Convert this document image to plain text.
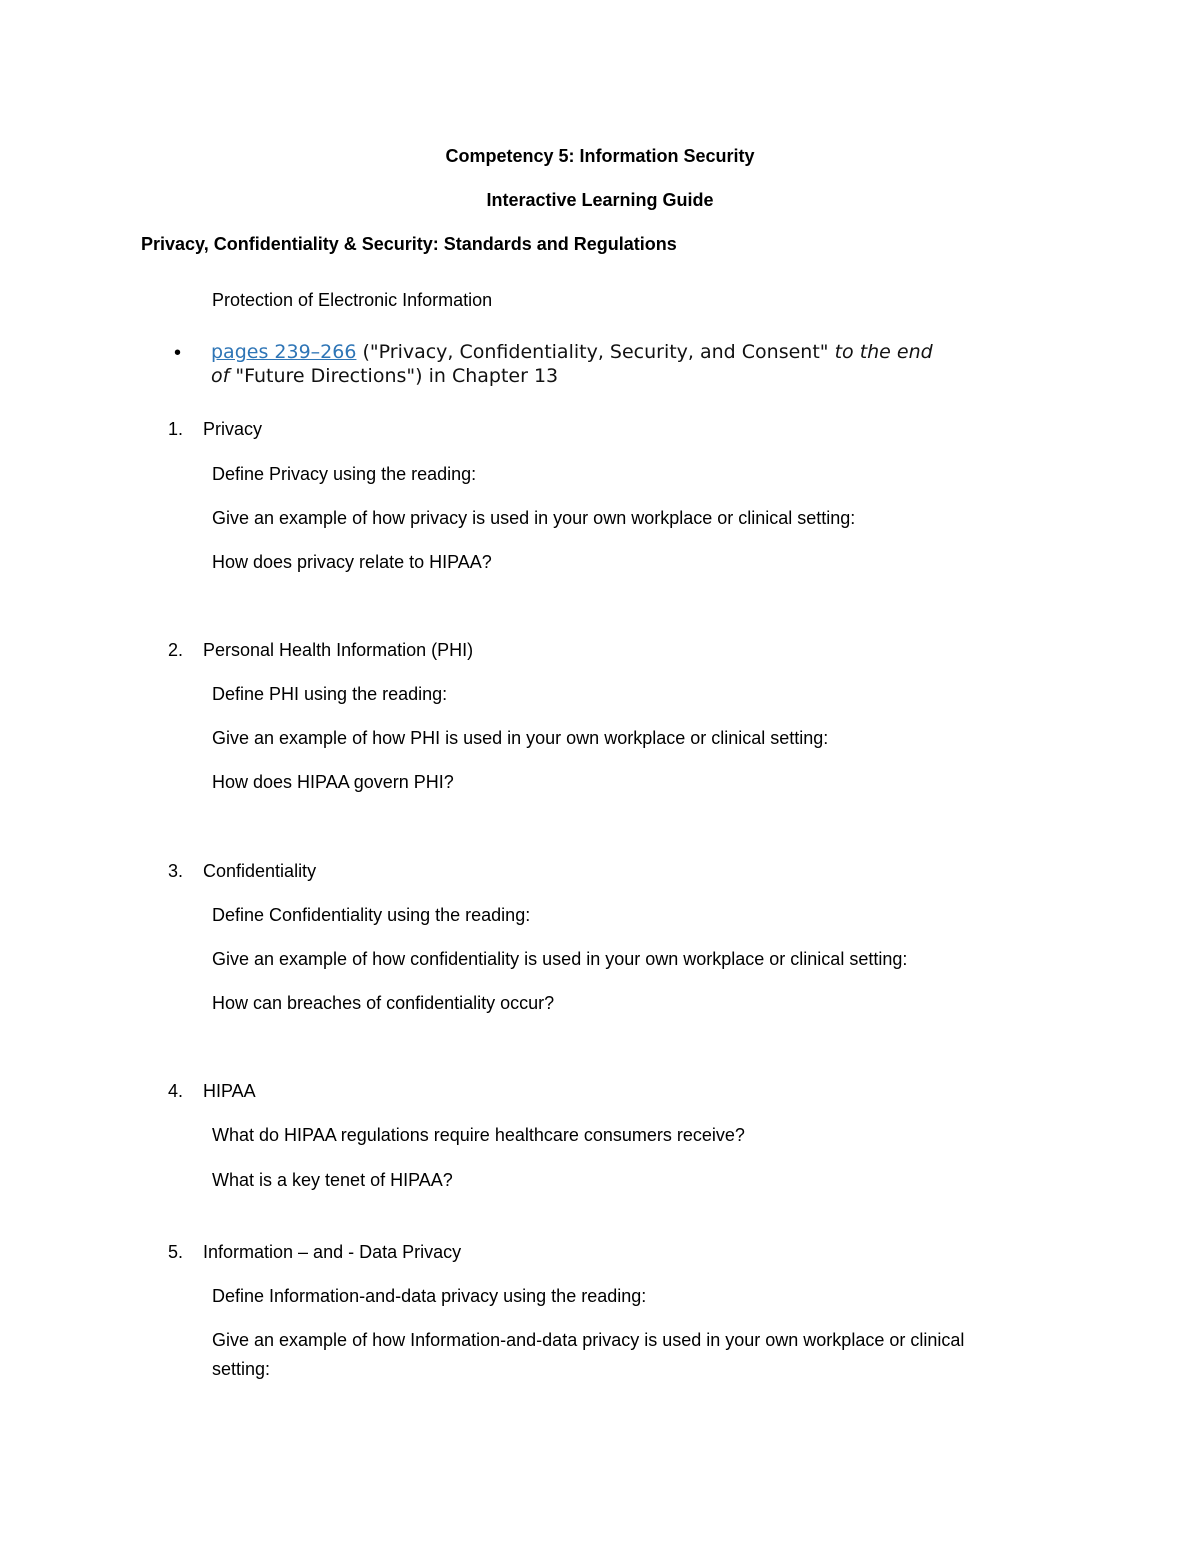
Competency 5: Information Security
Interactive Learning Guide
Privacy, Confidentiality & Security: Standards and Regulations
Protection of Electronic Information
• pages 239–266 ("Privacy, Confidentiality, Security, and Consent" to the end
of "Future Directions") in Chapter 13
1. Privacy
Define Privacy using the reading:
Give an example of how privacy is used in your own workplace or clinical setting:
How does privacy relate to HIPAA?
2. Personal Health Information (PHI)
Define PHI using the reading:
Give an example of how PHI is used in your own workplace or clinical setting:
How does HIPAA govern PHI?
3. Confidentiality
Define Confidentiality using the reading:
Give an example of how confidentiality is used in your own workplace or clinical setting:
How can breaches of confidentiality occur?
4. HIPAA
What do HIPAA regulations require healthcare consumers receive?
What is a key tenet of HIPAA?
5. Information – and - Data Privacy
Define Information-and-data privacy using the reading:
Give an example of how Information-and-data privacy is used in your own workplace or clinical
setting:
